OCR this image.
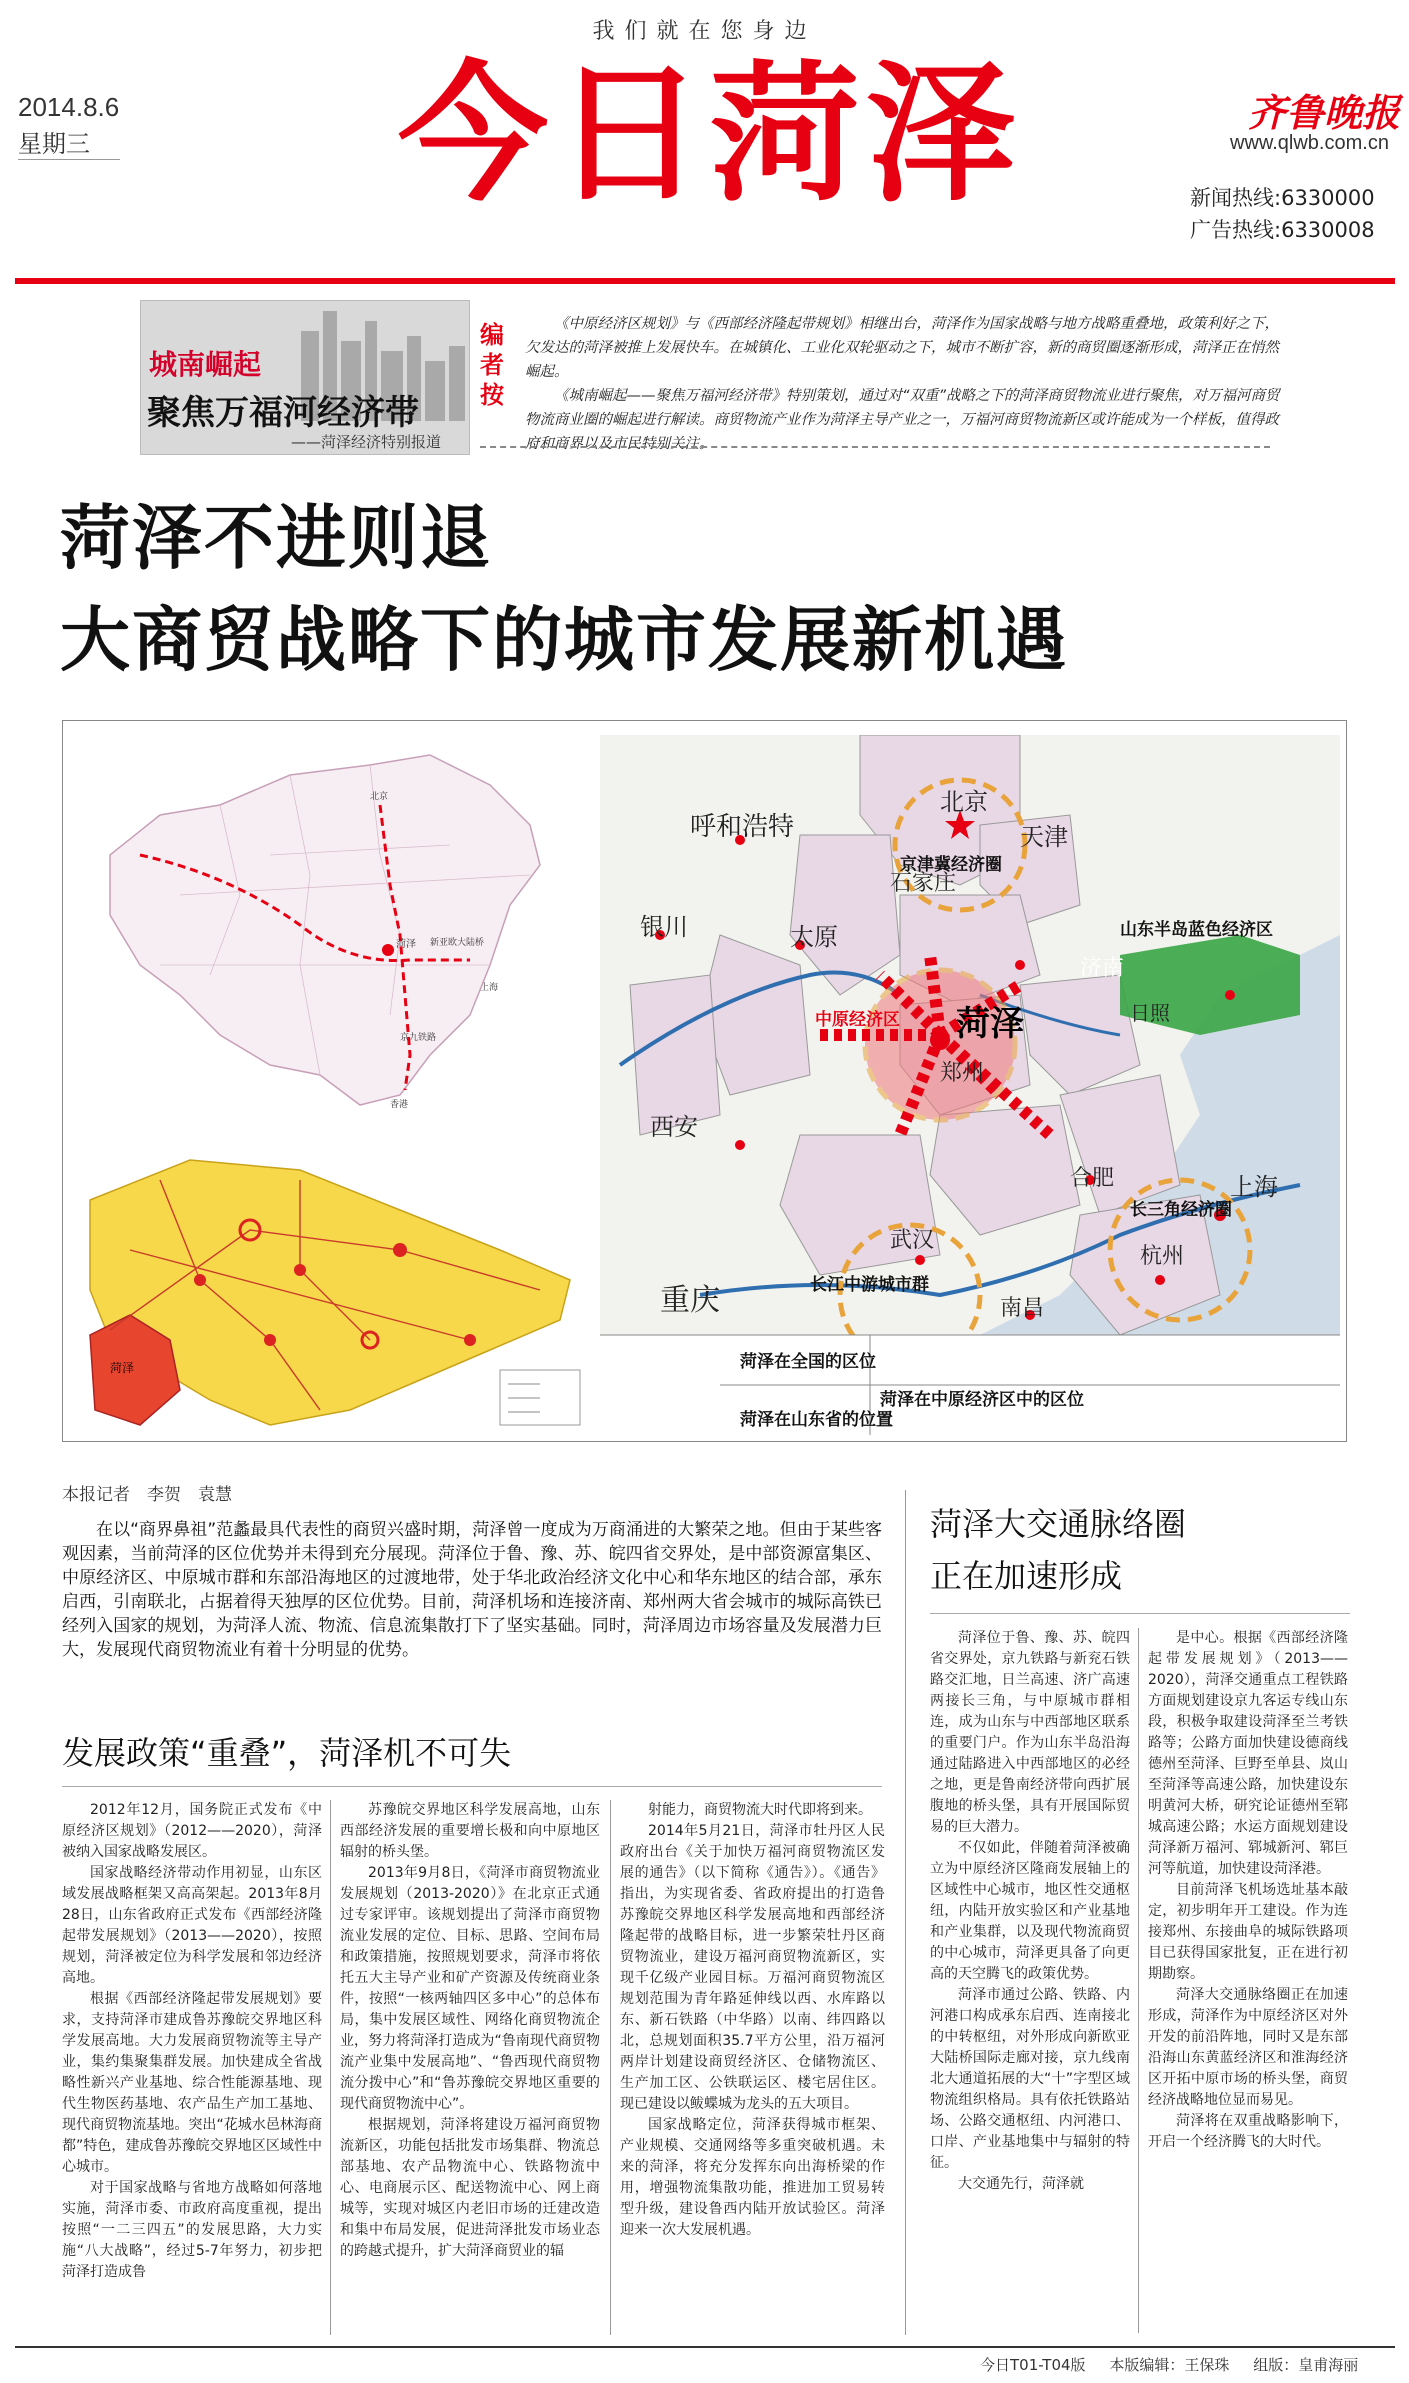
我们就在您身边
2014.8.6
星期三	今日菏泽	齐鲁晚报
www.qlwb.com.cn
新闻热线:6330000
广告热线:6330008
城南崛起
聚焦万福河经济带
——菏泽经济特别报道
编者按

《中原经济区规划》与《西部经济隆起带规划》相继出台，菏泽作为国家战略与地方战略重叠地，政策利好之下，欠发达的菏泽被推上发展快车。在城镇化、工业化双轮驱动之下，城市不断扩容，新的商贸圈逐渐形成，菏泽正在悄然崛起。

《城南崛起——聚焦万福河经济带》特别策划，通过对“双重”战略之下的菏泽商贸物流业进行聚焦，对万福河商贸物流商业圈的崛起进行解读。商贸物流产业作为菏泽主导产业之一，万福河商贸物流新区或许能成为一个样板，值得政府和商界以及市民特别关注。

菏泽不进则退
大商贸战略下的城市发展新机遇
菏泽 新亚欧大陆桥
上海
京九铁路
北京
香港
菏泽
呼和浩特
北京
天津
石家庄
银川	太原
济南
日照
菏泽
郑州
西安
合肥	上海
武汉
杭州
重庆	南昌
京津冀经济圈
山东半岛蓝色经济区
中原经济区
长三角经济圈
长江中游城市群
菏泽在全国的区位
菏泽在中原经济区中的区位
菏泽在山东省的位置
本报记者　李贺　袁慧
在以“商界鼻祖”范蠡最具代表性的商贸兴盛时期，菏泽曾一度成为万商涌进的大繁荣之地。但由于某些客观因素，当前菏泽的区位优势并未得到充分展现。菏泽位于鲁、豫、苏、皖四省交界处，是中部资源富集区、中原经济区、中原城市群和东部沿海地区的过渡地带，处于华北政治经济文化中心和华东地区的结合部，承东启西，引南联北，占据着得天独厚的区位优势。目前，菏泽机场和连接济南、郑州两大省会城市的城际高铁已经列入国家的规划，为菏泽人流、物流、信息流集散打下了坚实基础。同时，菏泽周边市场容量及发展潜力巨大，发展现代商贸物流业有着十分明显的优势。
发展政策“重叠”，菏泽机不可失

2012年12月，国务院正式发布《中原经济区规划》（2012——2020），菏泽被纳入国家战略发展区。

国家战略经济带动作用初显，山东区域发展战略框架又高高架起。2013年8月28日，山东省政府正式发布《西部经济隆起带发展规划》（2013——2020），按照规划，菏泽被定位为科学发展和邻边经济高地。

根据《西部经济隆起带发展规划》要求，支持菏泽市建成鲁苏豫皖交界地区科学发展高地。大力发展商贸物流等主导产业，集约集聚集群发展。加快建成全省战略性新兴产业基地、综合性能源基地、现代生物医药基地、农产品生产加工基地、现代商贸物流基地。突出“花城水邑林海商都”特色，建成鲁苏豫皖交界地区区域性中心城市。

对于国家战略与省地方战略如何落地实施，菏泽市委、市政府高度重视，提出按照“一二三四五”的发展思路，大力实施“八大战略”，经过5-7年努力，初步把菏泽打造成鲁

苏豫皖交界地区科学发展高地，山东西部经济发展的重要增长极和向中原地区辐射的桥头堡。

2013年9月8日，《菏泽市商贸物流业发展规划（2013-2020）》在北京正式通过专家评审。该规划提出了菏泽市商贸物流业发展的定位、目标、思路、空间布局和政策措施，按照规划要求，菏泽市将依托五大主导产业和矿产资源及传统商业条件，按照“一核两轴四区多中心”的总体布局，集中发展区域性、网络化商贸物流企业，努力将菏泽打造成为“鲁南现代商贸物流产业集中发展高地”、“鲁西现代商贸物流分拨中心”和“鲁苏豫皖交界地区重要的现代商贸物流中心”。

根据规划，菏泽将建设万福河商贸物流新区，功能包括批发市场集群、物流总部基地、农产品物流中心、铁路物流中心、电商展示区、配送物流中心、网上商城等，实现对城区内老旧市场的迁建改造和集中布局发展，促进菏泽批发市场业态的跨越式提升，扩大菏泽商贸业的辐

射能力，商贸物流大时代即将到来。

2014年5月21日，菏泽市牡丹区人民政府出台《关于加快万福河商贸物流区发展的通告》（以下简称《通告》）。《通告》指出，为实现省委、省政府提出的打造鲁苏豫皖交界地区科学发展高地和西部经济隆起带的战略目标，进一步繁荣牡丹区商贸物流业，建设万福河商贸物流新区，实现千亿级产业园目标。万福河商贸物流区规划范围为青年路延伸线以西、水库路以东、新石铁路（中华路）以南、纬四路以北，总规划面积35.7平方公里，沿万福河两岸计划建设商贸经济区、仓储物流区、生产加工区、公铁联运区、楼宅居住区。现已建设以鲅蝶城为龙头的五大项目。

国家战略定位，菏泽获得城市框架、产业规模、交通网络等多重突破机遇。未来的菏泽，将充分发挥东向出海桥梁的作用，增强物流集散功能，推进加工贸易转型升级，建设鲁西内陆开放试验区。菏泽迎来一次大发展机遇。

菏泽大交通脉络圈
正在加速形成

菏泽位于鲁、豫、苏、皖四省交界处，京九铁路与新兖石铁路交汇地，日兰高速、济广高速两接长三角，与中原城市群相连，成为山东与中西部地区联系的重要门户。作为山东半岛沿海通过陆路进入中西部地区的必经之地，更是鲁南经济带向西扩展腹地的桥头堡，具有开展国际贸易的巨大潜力。

不仅如此，伴随着菏泽被确立为中原经济区隆商发展轴上的区域性中心城市，地区性交通枢纽，内陆开放实验区和产业基地和产业集群，以及现代物流商贸的中心城市，菏泽更具备了向更高的天空腾飞的政策优势。

菏泽市通过公路、铁路、内河港口构成承东启西、连南接北的中转枢纽，对外形成向新欧亚大陆桥国际走廊对接，京九线南北大通道拓展的大“十”字型区域物流组织格局。具有依托铁路站场、公路交通枢纽、内河港口、口岸、产业基地集中与辐射的特征。

大交通先行，菏泽就

是中心。根据《西部经济隆起带发展规划》（2013——2020），菏泽交通重点工程铁路方面规划建设京九客运专线山东段，积极争取建设菏泽至兰考铁路等；公路方面加快建设德商线德州至菏泽、巨野至单县、岚山至菏泽等高速公路，加快建设东明黄河大桥，研究论证德州至郓城高速公路；水运方面规划建设菏泽新万福河、郓城新河、郓巨河等航道，加快建设菏泽港。

目前菏泽飞机场选址基本敲定，初步明年开工建设。作为连接郑州、东接曲阜的城际铁路项目已获得国家批复，正在进行初期勘察。

菏泽大交通脉络圈正在加速形成，菏泽作为中原经济区对外开发的前沿阵地，同时又是东部沿海山东黄蓝经济区和淮海经济区开拓中原市场的桥头堡，商贸经济战略地位显而易见。

菏泽将在双重战略影响下，开启一个经济腾飞的大时代。

今日T01-T04版 本版编辑：王保珠 组版：皇甫海丽
